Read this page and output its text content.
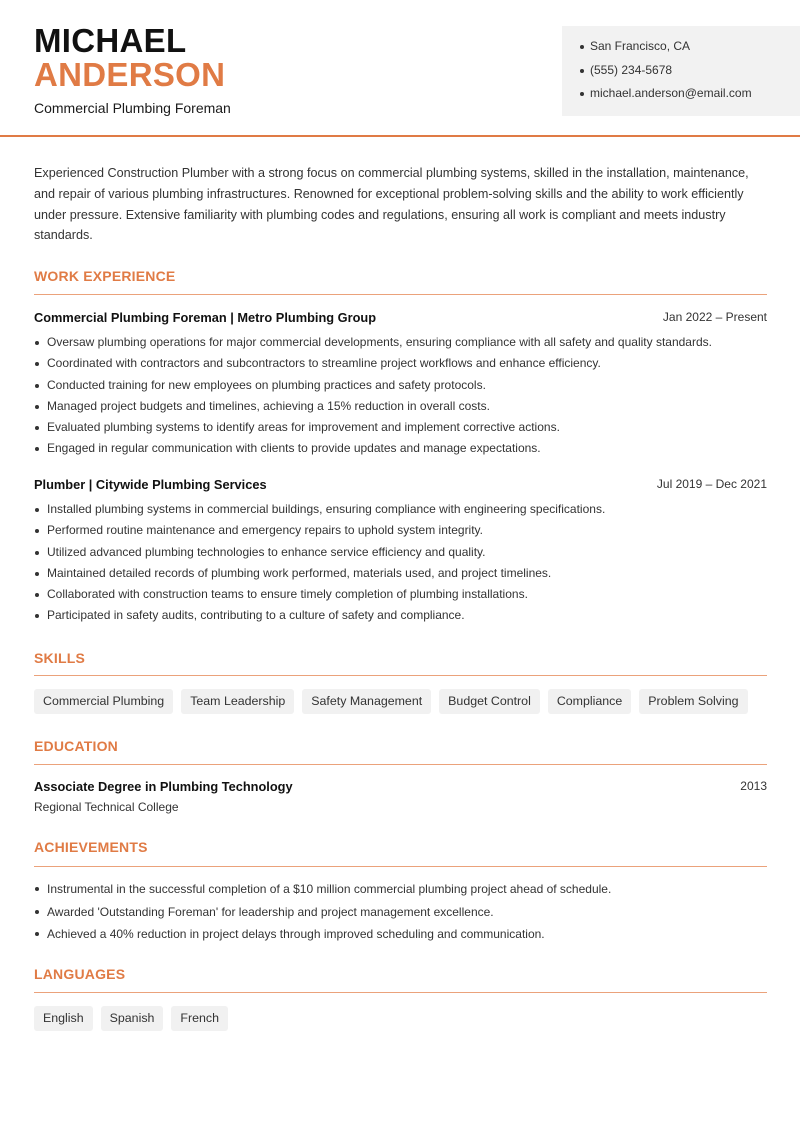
MICHAEL
ANDERSON
Commercial Plumbing Foreman
San Francisco, CA
(555) 234-5678
michael.anderson@email.com

Experienced Construction Plumber with a strong focus on commercial plumbing systems, skilled in the installation, maintenance, and repair of various plumbing infrastructures. Renowned for exceptional problem-solving skills and the ability to work efficiently under pressure. Extensive familiarity with plumbing codes and regulations, ensuring all work is compliant and meets industry standards.

WORK EXPERIENCE
Commercial Plumbing Foreman | Metro Plumbing Group	Jan 2022 – Present
Oversaw plumbing operations for major commercial developments, ensuring compliance with all safety and quality standards.
Coordinated with contractors and subcontractors to streamline project workflows and enhance efficiency.
Conducted training for new employees on plumbing practices and safety protocols.
Managed project budgets and timelines, achieving a 15% reduction in overall costs.
Evaluated plumbing systems to identify areas for improvement and implement corrective actions.
Engaged in regular communication with clients to provide updates and manage expectations.
Plumber | Citywide Plumbing Services	Jul 2019 – Dec 2021
Installed plumbing systems in commercial buildings, ensuring compliance with engineering specifications.
Performed routine maintenance and emergency repairs to uphold system integrity.
Utilized advanced plumbing technologies to enhance service efficiency and quality.
Maintained detailed records of plumbing work performed, materials used, and project timelines.
Collaborated with construction teams to ensure timely completion of plumbing installations.
Participated in safety audits, contributing to a culture of safety and compliance.
SKILLS
Commercial Plumbing	Team Leadership	Safety Management	Budget Control	Compliance	Problem Solving
EDUCATION
Associate Degree in Plumbing Technology	2013
Regional Technical College
ACHIEVEMENTS
Instrumental in the successful completion of a $10 million commercial plumbing project ahead of schedule.
Awarded 'Outstanding Foreman' for leadership and project management excellence.
Achieved a 40% reduction in project delays through improved scheduling and communication.
LANGUAGES
English	Spanish	French
